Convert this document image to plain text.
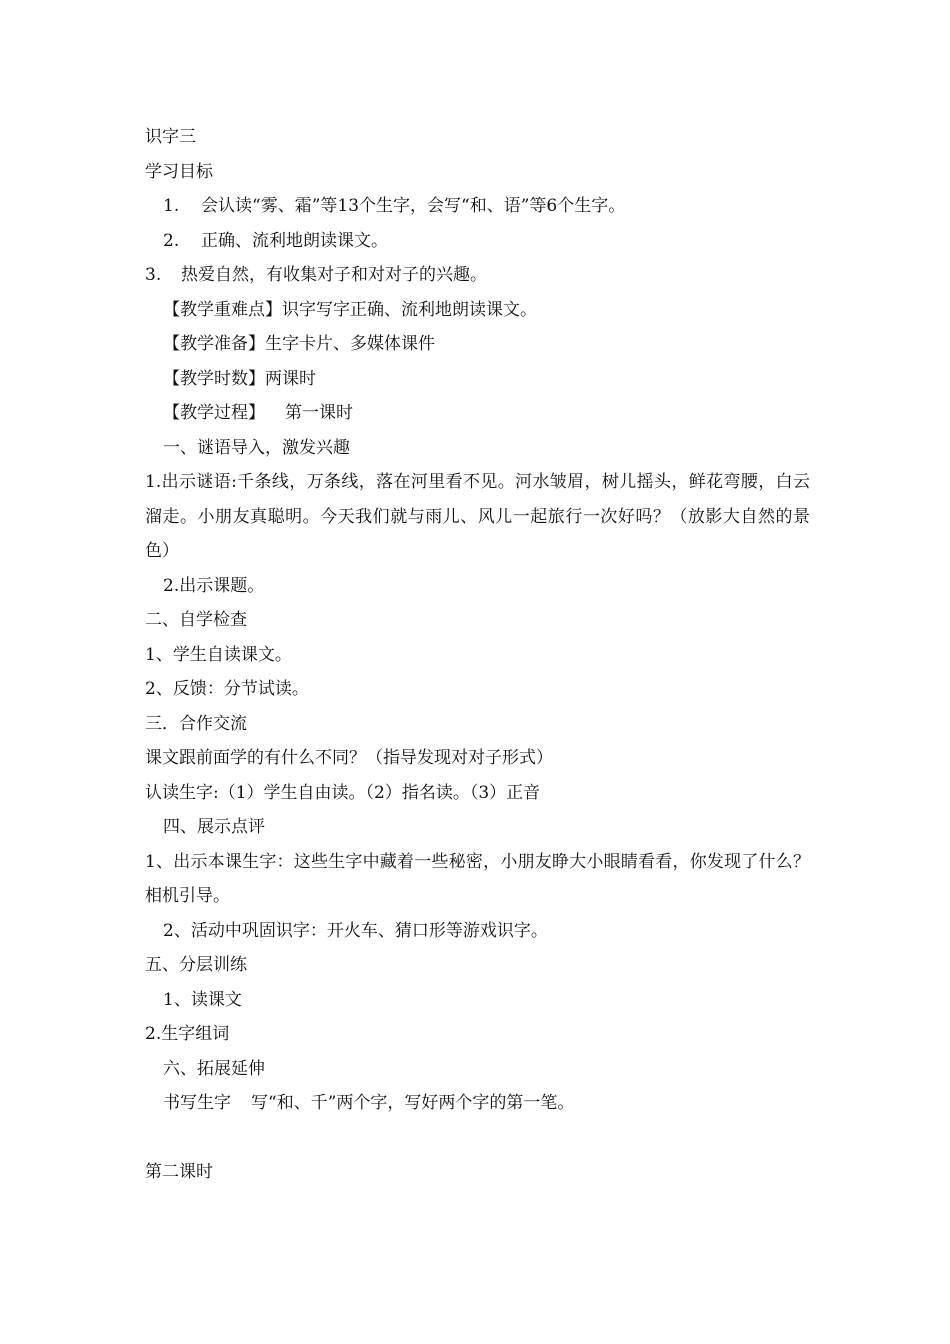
识字三
学习目标
1. 会认读“雾、霜”等13个生字，会写“和、语”等6个生字。
2. 正确、流利地朗读课文。
3. 热爱自然，有收集对子和对对子的兴趣。
【教学重难点】识字写字正确、流利地朗读课文。
【教学准备】生字卡片、多媒体课件
【教学时数】两课时
【教学过程】 第一课时
一、谜语导入，激发兴趣
1.出示谜语:千条线，万条线，落在河里看不见。河水皱眉，树儿摇头，鲜花弯腰，白云溜走。小朋友真聪明。今天我们就与雨儿、风儿一起旅行一次好吗？（放影大自然的景色）
2.出示课题。
二、自学检查
1、学生自读课文。
2、反馈：分节试读。
三．合作交流
课文跟前面学的有什么不同？（指导发现对对子形式）
认读生字:（1）学生自由读。（2）指名读。（3）正音
四、展示点评
1、出示本课生字：这些生字中藏着一些秘密，小朋友睁大小眼睛看看，你发现了什么？相机引导。
2、活动中巩固识字：开火车、猜口形等游戏识字。
五、分层训练
1、读课文
2.生字组词
六、拓展延伸
书写生字 写“和、千”两个字，写好两个字的第一笔。
第二课时
